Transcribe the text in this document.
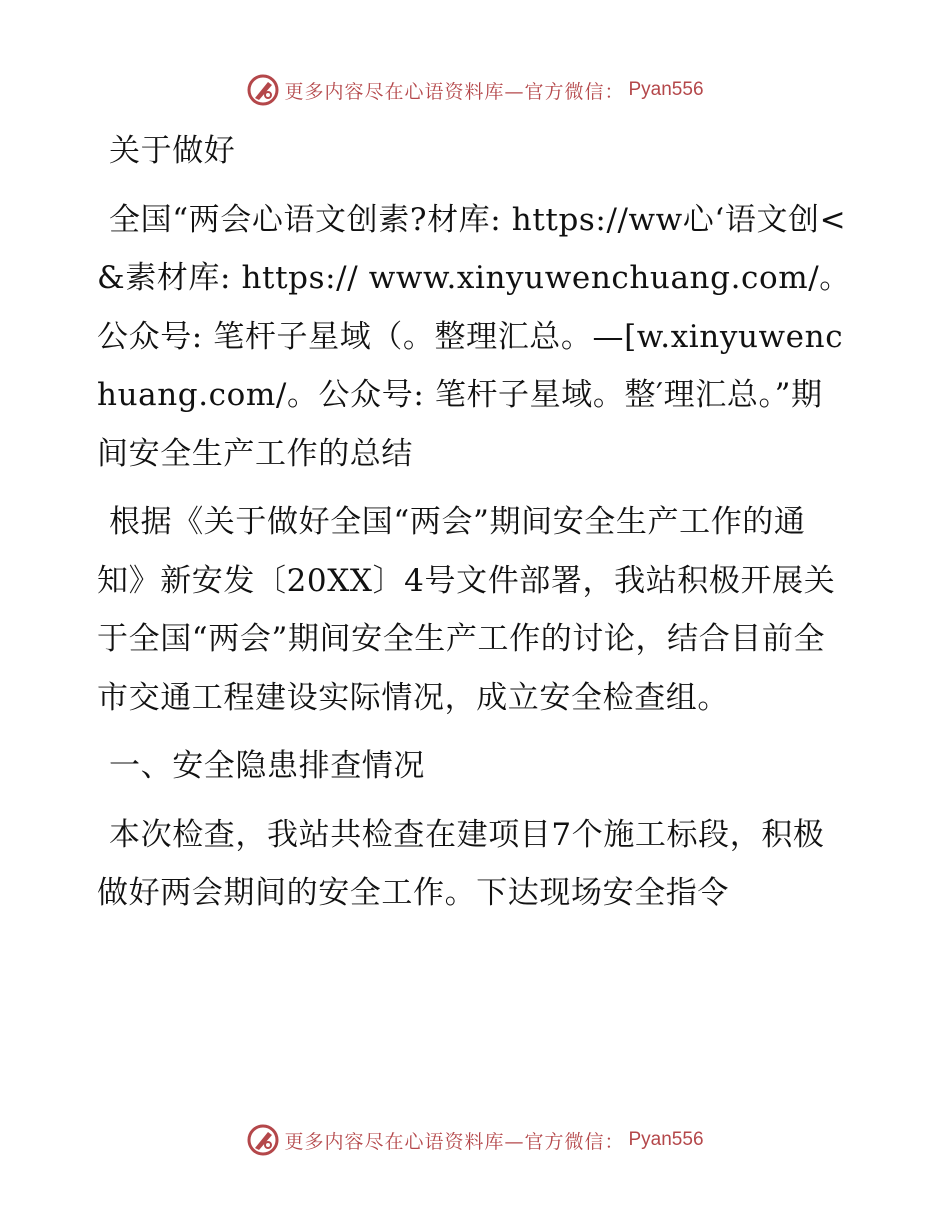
更多内容尽在心语资料库—官方微信： Pyan556

关于做好

全国“两会心语文创素?材库: https://ww心‘语文创<&素材库: https:// www.xinyuwenchuang.com/。公众号: 笔杆子星域（。整理汇总。—[w.xinyuwenchuang.com/。公众号: 笔杆子星域。整′理汇总。”期间安全生产工作的总结

根据《关于做好全国“两会”期间安全生产工作的通知》新安发〔20XX〕4号文件部署，我站积极开展关于全国“两会”期间安全生产工作的讨论，结合目前全市交通工程建设实际情况，成立安全检查组。

一、安全隐患排查情况

本次检查，我站共检查在建项目7个施工标段，积极做好两会期间的安全工作。下达现场安全指令

更多内容尽在心语资料库—官方微信： Pyan556
